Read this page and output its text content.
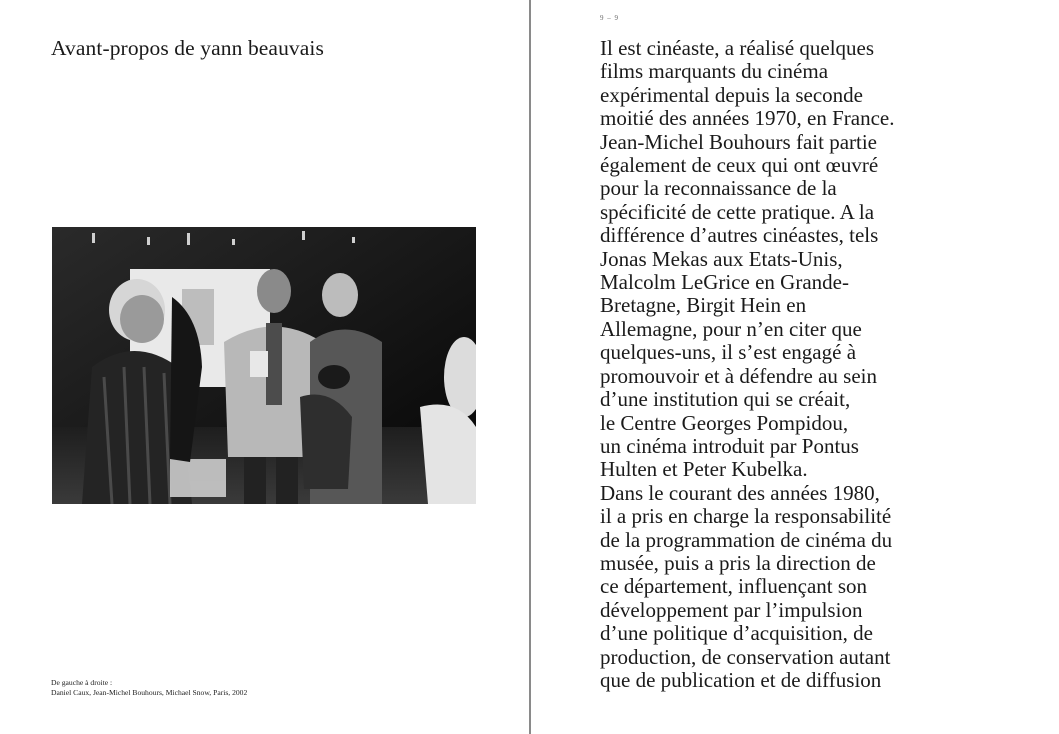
Avant-propos de yann beauvais
De gauche à droite :
Daniel Caux, Jean-Michel Bouhours, Michael Snow, Paris, 2002
9 – 9
Il est cinéaste, a réalisé quelques
films marquants du cinéma
expérimental depuis la seconde
moitié des années 1970, en France.
Jean-Michel Bouhours fait partie
également de ceux qui ont œuvré
pour la reconnaissance de la
spécificité de cette pratique. A la
différence d’autres cinéastes, tels
Jonas Mekas aux Etats-Unis,
Malcolm LeGrice en Grande-
Bretagne, Birgit Hein en
Allemagne, pour n’en citer que
quelques-uns, il s’est engagé à
promouvoir et à défendre au sein
d’une institution qui se créait,
le Centre Georges Pompidou,
un cinéma introduit par Pontus
Hulten et Peter Kubelka.
Dans le courant des années 1980,
il a pris en charge la responsabilité
de la programmation de cinéma du
musée, puis a pris la direction de
ce département, influençant son
développement par l’impulsion
d’une politique d’acquisition, de
production, de conservation autant
que de publication et de diffusion
